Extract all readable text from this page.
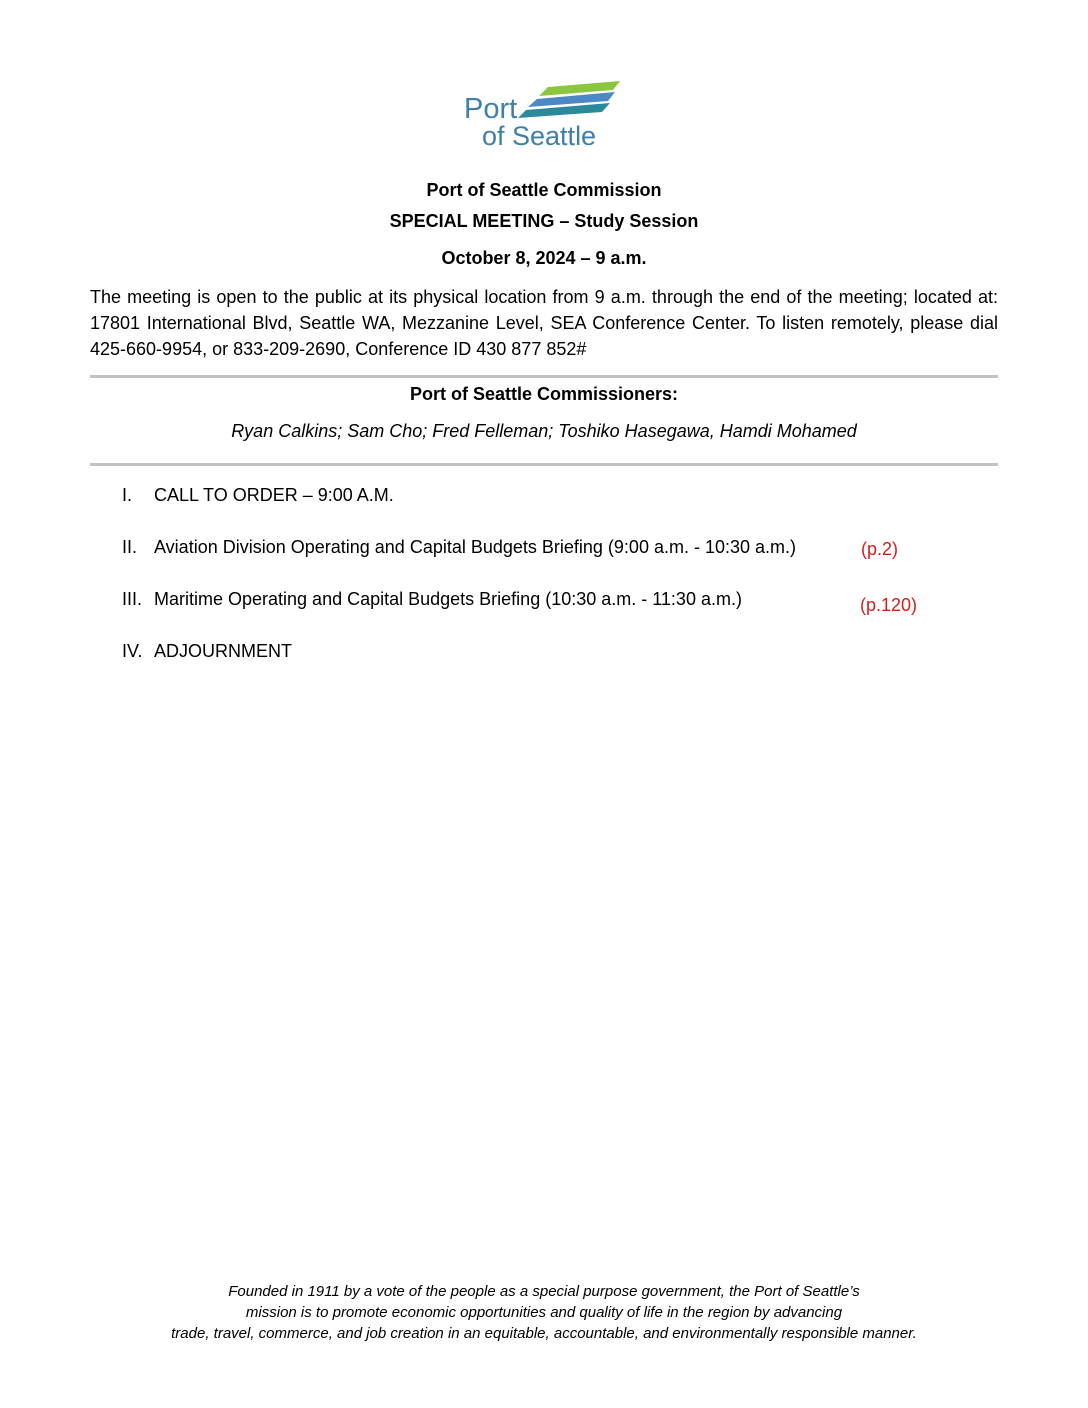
Port
of Seattle
Port of Seattle Commission
SPECIAL MEETING – Study Session
October 8, 2024 – 9 a.m.
The meeting is open to the public at its physical location from 9 a.m. through the end of the meeting; located at: 17801 International Blvd, Seattle WA, Mezzanine Level, SEA Conference Center. To listen remotely, please dial 425-660-9954, or 833-209-2690, Conference ID 430 877 852#
Port of Seattle Commissioners:
Ryan Calkins; Sam Cho; Fred Felleman; Toshiko Hasegawa, Hamdi Mohamed
I. CALL TO ORDER – 9:00 A.M.
II. Aviation Division Operating and Capital Budgets Briefing (9:00 a.m. - 10:30 a.m.)	(p.2)
III. Maritime Operating and Capital Budgets Briefing (10:30 a.m. - 11:30 a.m.)	(p.120)
IV. ADJOURNMENT
Founded in 1911 by a vote of the people as a special purpose government, the Port of Seattle’s
mission is to promote economic opportunities and quality of life in the region by advancing
trade, travel, commerce, and job creation in an equitable, accountable, and environmentally responsible manner.
